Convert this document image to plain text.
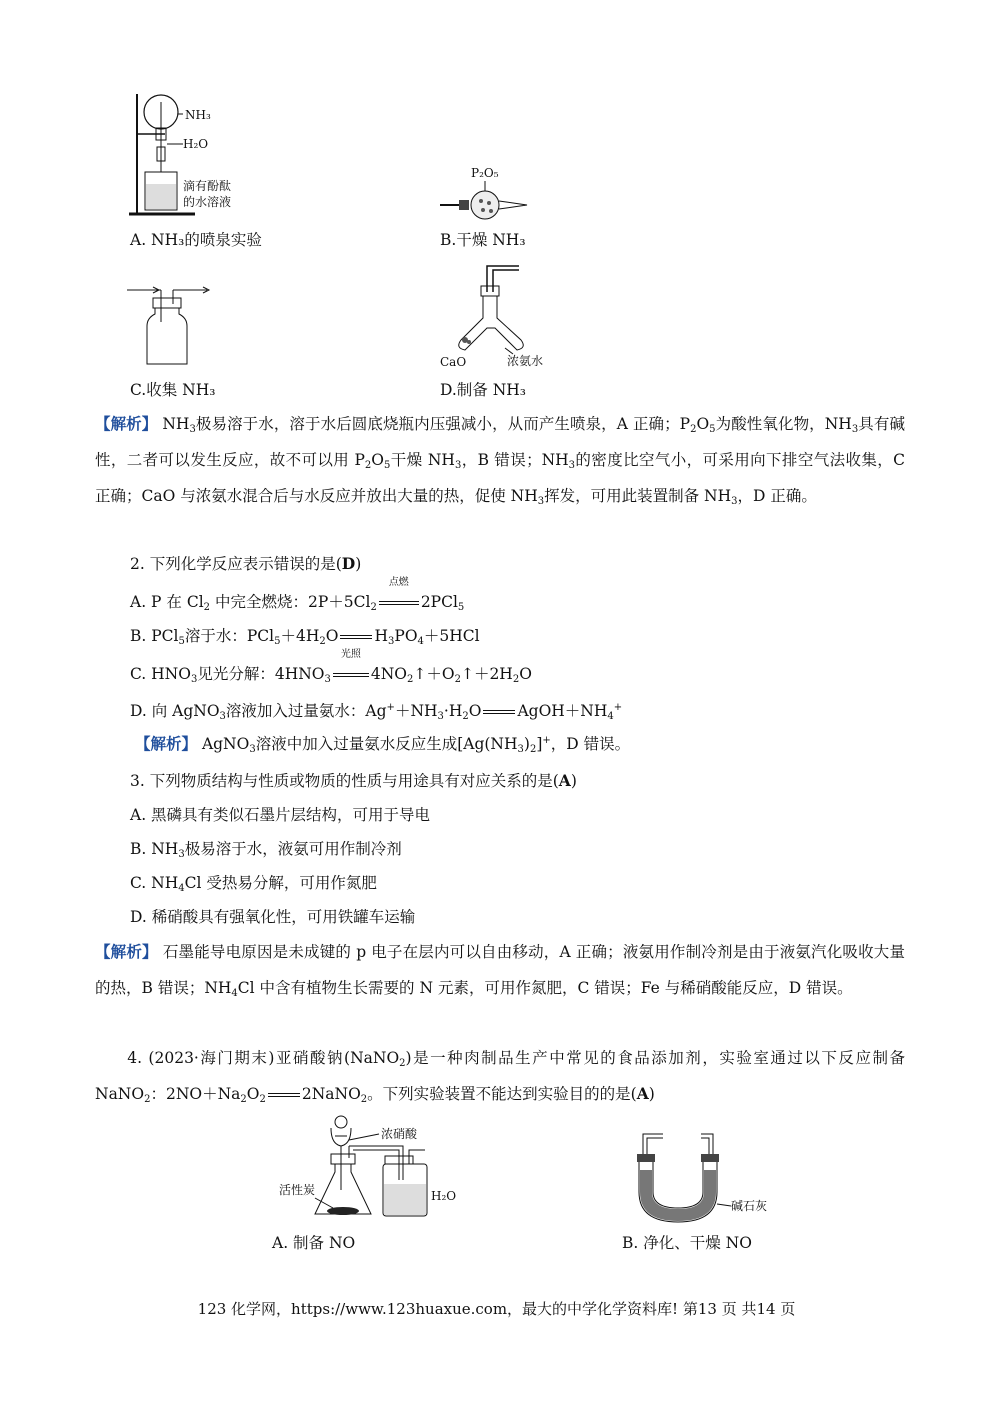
NH₃
H₂O
滴有酚酞
的水溶液
A. NH₃的喷泉实验
P₂O₅
B.干燥 NH₃
C.收集 NH₃
CaO	浓氨水
D.制备 NH₃
【解析】 $NH_3$极易溶于水，溶于水后圆底烧瓶内压强减小，从而产生喷泉，A 正确；$P_2O_5$为酸性氧化物，$NH_3$具有碱性，二者可以发生反应，故不可以用 $P_2O_5$干燥 $NH_3$，B 错误；$NH_3$的密度比空气小，可采用向下排空气法收集，C 正确；CaO 与浓氨水混合后与水反应并放出大量的热，促使 $NH_3$挥发，可用此装置制备 $NH_3$，D 正确。
2. 下列化学反应表示错误的是(D)
A. P 在 $Cl_2$ 中完全燃烧：$2P+5Cl_2$
点燃
2PCl$_5$
B. PCl$_5$溶于水：$PCl_5+4H_2O$ $H_3PO_4+5HCl$
C. $HNO_3$见光分解：$4HNO_3$
光照
$4NO_2↑+O_2↑+2H_2O$
D. 向 AgNO$_3$溶液加入过量氨水：$Ag^++NH_3\cdot H_2O$ $AgOH+NH_4^+$
【解析】 AgNO$_3$溶液中加入过量氨水反应生成$[Ag(NH_3)_2]^+$，D 错误。
3. 下列物质结构与性质或物质的性质与用途具有对应关系的是(A)
A. 黑磷具有类似石墨片层结构，可用于导电
B. $NH_3$极易溶于水，液氨可用作制冷剂
C. $NH_4Cl$ 受热易分解，可用作氮肥
D. 稀硝酸具有强氧化性，可用铁罐车运输
【解析】 石墨能导电原因是未成键的 p 电子在层内可以自由移动，A 正确；液氨用作制冷剂是由于液氨汽化吸收大量的热，B 错误；$NH_4Cl$ 中含有植物生长需要的 N 元素，可用作氮肥，C 错误；Fe 与稀硝酸能反应，D 错误。
4. (2023·海门期末)亚硝酸钠(NaNO$_2$)是一种肉制品生产中常见的食品添加剂，实验室通过以下反应制备 NaNO$_2$：$2NO+Na_2O_2$ 2NaNO$_2$。下列实验装置不能达到实验目的的是(A)
浓硝酸
活性炭	H₂O
A. 制备 NO
碱石灰
B. 净化、干燥 NO
123 化学网，https://www.123huaxue.com，最大的中学化学资料库! 第13 页 共14 页
